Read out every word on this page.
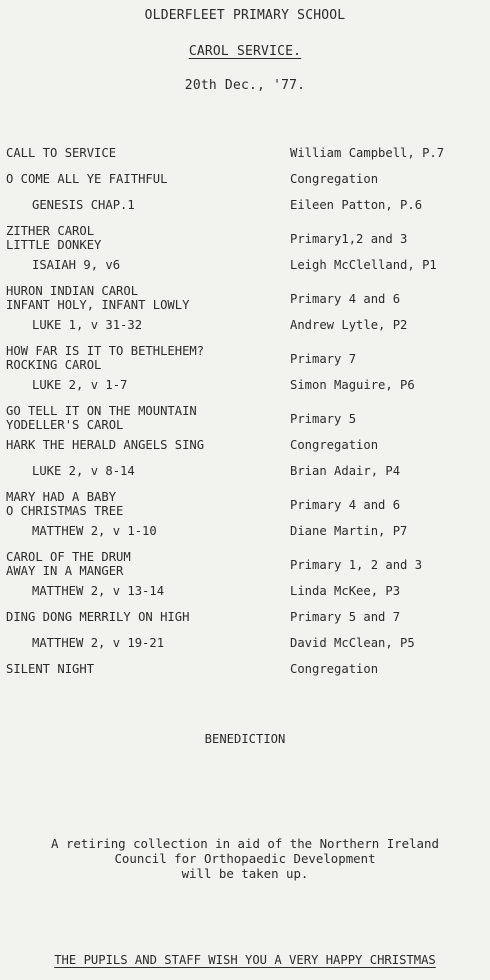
OLDERFLEET PRIMARY SCHOOL
CAROL SERVICE.
20th Dec., '77.
CALL TO SERVICE	William Campbell, P.7
O COME ALL YE FAITHFUL	Congregation
GENESIS CHAP.1	Eileen Patton, P.6
ZITHER CAROL
LITTLE DONKEY	Primary1,2 and 3
ISAIAH 9, v6	Leigh McClelland, P1
HURON INDIAN CAROL
INFANT HOLY, INFANT LOWLY	Primary 4 and 6
LUKE 1, v 31-32	Andrew Lytle, P2
HOW FAR IS IT TO BETHLEHEM?
ROCKING CAROL	Primary 7
LUKE 2, v 1-7	Simon Maguire, P6
GO TELL IT ON THE MOUNTAIN
YODELLER'S CAROL	Primary 5
HARK THE HERALD ANGELS SING	Congregation
LUKE 2, v 8-14	Brian Adair, P4
MARY HAD A BABY
O CHRISTMAS TREE	Primary 4 and 6
MATTHEW 2, v 1-10	Diane Martin, P7
CAROL OF THE DRUM
AWAY IN A MANGER	Primary 1, 2 and 3
MATTHEW 2, v 13-14	Linda McKee, P3
DING DONG MERRILY ON HIGH	Primary 5 and 7
MATTHEW 2, v 19-21	David McClean, P5
SILENT NIGHT	Congregation
BENEDICTION
A retiring collection in aid of the Northern Ireland
Council for Orthopaedic Development
will be taken up.
THE PUPILS AND STAFF WISH YOU A VERY HAPPY CHRISTMAS
